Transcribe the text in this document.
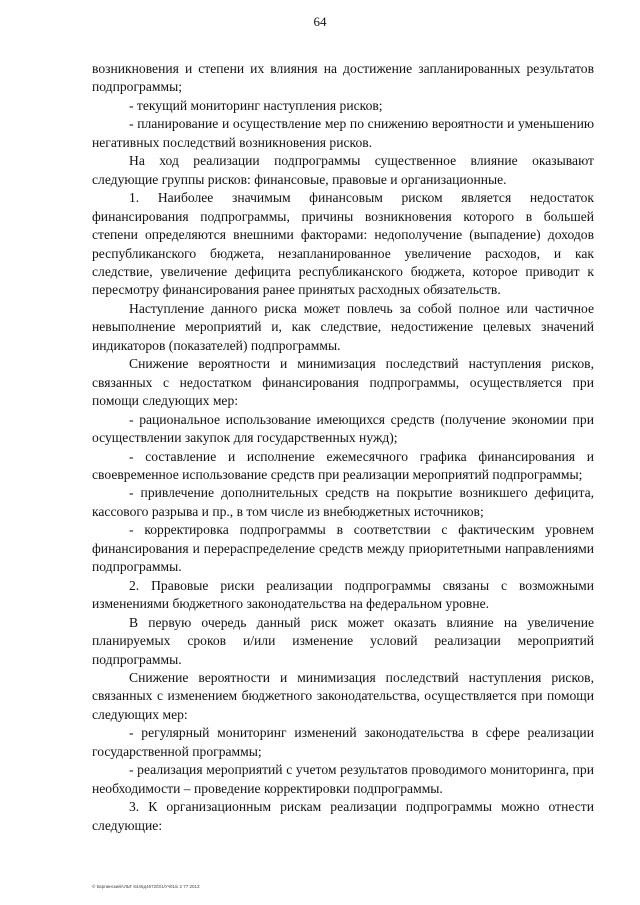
64

возникновения и степени их влияния на достижение запланированных результатов подпрограммы;

- текущий мониторинг наступления рисков;

- планирование и осуществление мер по снижению вероятности и уменьшению негативных последствий возникновения рисков.

На ход реализации подпрограммы существенное влияние оказывают следующие группы рисков: финансовые, правовые и организационные.

1. Наиболее значимым финансовым риском является недостаток финансирования подпрограммы, причины возникновения которого в большей степени определяются внешними факторами: недополучение (выпадение) доходов республиканского бюджета, незапланированное увеличение расходов, и как следствие, увеличение дефицита республиканского бюджета, которое приводит к пересмотру финансирования ранее принятых расходных обязательств.

Наступление данного риска может повлечь за собой полное или частичное невыполнение мероприятий и, как следствие, недостижение целевых значений индикаторов (показателей) подпрограммы.

Снижение вероятности и минимизация последствий наступления рисков, связанных с недостатком финансирования подпрограммы, осуществляется при помощи следующих мер:

- рациональное использование имеющихся средств (получение экономии при осуществлении закупок для государственных нужд);

- составление и исполнение ежемесячного графика финансирования и своевременное использование средств при реализации мероприятий подпрограммы;

- привлечение дополнительных средств на покрытие возникшего дефицита, кассового разрыва и пр., в том числе из внебюджетных источников;

- корректировка подпрограммы в соответствии с фактическим уровнем финансирования и перераспределение средств между приоритетными направлениями подпрограммы.

2. Правовые риски реализации подпрограммы связаны с возможными изменениями бюджетного законодательства на федеральном уровне.

В первую очередь данный риск может оказать влияние на увеличение планируемых сроков и/или изменение условий реализации мероприятий подпрограммы.

Снижение вероятности и минимизация последствий наступления рисков, связанных с изменением бюджетного законодательства, осуществляется при помощи следующих мер:

- регулярный мониторинг изменений законодательства в сфере реализации государственной программы;

- реализация мероприятий с учетом результатов проводимого мониторинга, при необходимости – проведение корректировки подпрограммы.

3. К организационным рискам реализации подпрограммы можно отнести следующие:

© КарпинскийАЛЬТ 6445д4572/0/1/Уч01/к 2 77 2013
